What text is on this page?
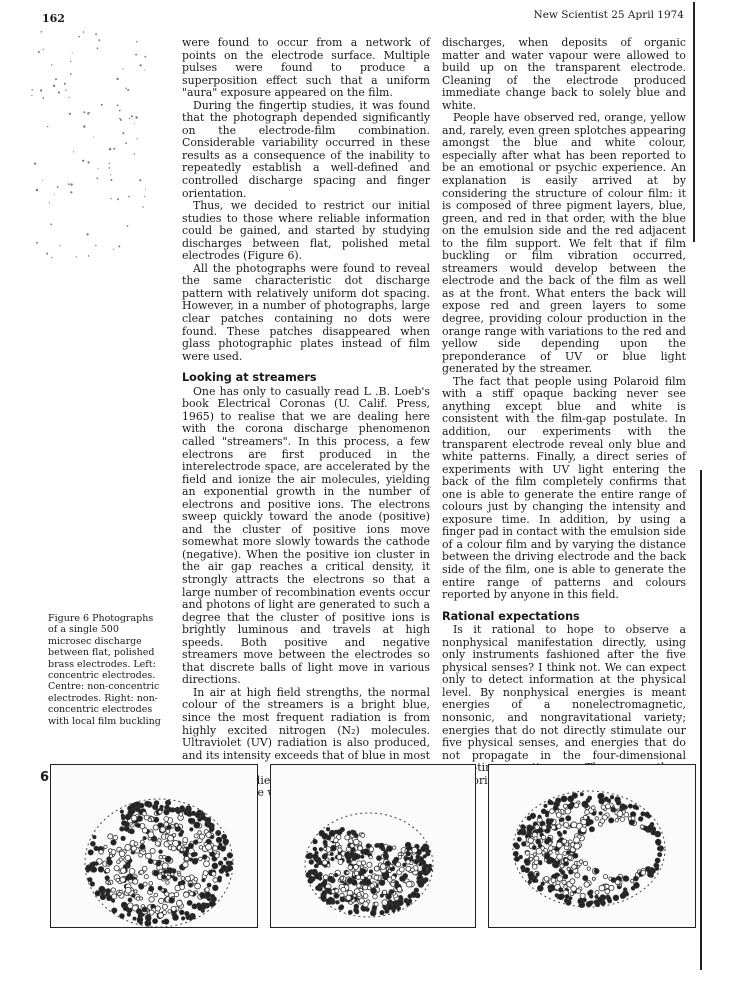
162	New Scientist 25 April 1974

were found to occur from a network of points on the electrode surface. Multiple pulses were found to produce a superposition effect such that a uniform "aura" exposure appeared on the film.

During the fingertip studies, it was found that the photograph depended significantly on the electrode-film combination. Considerable variability occurred in these results as a consequence of the inability to repeatedly establish a well-defined and controlled discharge spacing and finger orientation.

Thus, we decided to restrict our initial studies to those where reliable information could be gained, and started by studying discharges between flat, polished metal electrodes (Figure 6).

All the photographs were found to reveal the same characteristic dot discharge pattern with relatively uniform dot spacing. However, in a number of photographs, large clear patches containing no dots were found. These patches disappeared when glass photographic plates instead of film were used.

Looking at streamers

One has only to casually read L .B. Loeb's book Electrical Coronas (U. Calif. Press, 1965) to realise that we are dealing here with the corona discharge phenomenon called "streamers". In this process, a few electrons are first produced in the interelectrode space, are accelerated by the field and ionize the air molecules, yielding an exponential growth in the number of electrons and positive ions. The electrons sweep quickly toward the anode (positive) and the cluster of positive ions move somewhat more slowly towards the cathode (negative). When the positive ion cluster in the air gap reaches a critical density, it strongly attracts the electrons so that a large number of recombination events occur and photons of light are generated to such a degree that the cluster of positive ions is brightly luminous and travels at high speeds. Both positive and negative streamers move between the electrodes so that discrete balls of light move in various directions.

In air at high field strengths, the normal colour of the streamers is a bright blue, since the most frequent radiation is from highly excited nitrogen (N₂) molecules. Ultraviolet (UV) radiation is also produced, and its intensity exceeds that of blue in most

discharges, when deposits of organic matter and water vapour were allowed to build up on the transparent electrode. Cleaning of the electrode produced immediate change back to solely blue and white.

People have observed red, orange, yellow and, rarely, even green splotches appearing amongst the blue and white colour, especially after what has been reported to be an emotional or psychic experience. An explanation is easily arrived at by considering the structure of colour film: it is composed of three pigment layers, blue, green, and red in that order, with the blue on the emulsion side and the red adjacent to the film support. We felt that if film buckling or film vibration occurred, streamers would develop between the electrode and the back of the film as well as at the front. What enters the back will expose red and green layers to some degree, providing colour production in the orange range with variations to the red and yellow side depending upon the preponderance of UV or blue light generated by the streamer.

The fact that people using Polaroid film with a stiff opaque backing never see anything except blue and white is consistent with the film-gap postulate. In addition, our experiments with the transparent electrode reveal only blue and white patterns. Finally, a direct series of experiments with UV light entering the back of the film completely confirms that one is able to generate the entire range of colours just by changing the intensity and exposure time. In addition, by using a finger pad in contact with the emulsion side of a colour film and by varying the distance between the driving electrode and the back side of the film, one is able to generate the entire range of patterns and colours reported by anyone in this field.

Rational expectations

Is it rational to hope to observe a nonphysical manifestation directly, using only instruments fashioned after the five physical senses? I think not. We can expect only to detect information at the physical level. By nonphysical energies is meant energies of a nonelectromagnetic, nonsonic, and nongravitational variety; energies that do not directly stimulate our five physical senses, and energies that do not propagate in the four-dimensional

Figure 6 Photographs of a single 500 microsec discharge between flat, polished brass electrodes. Left: concentric electrodes. Centre: non-concentric electrodes. Right: non-concentric electrodes with local film buckling
6
